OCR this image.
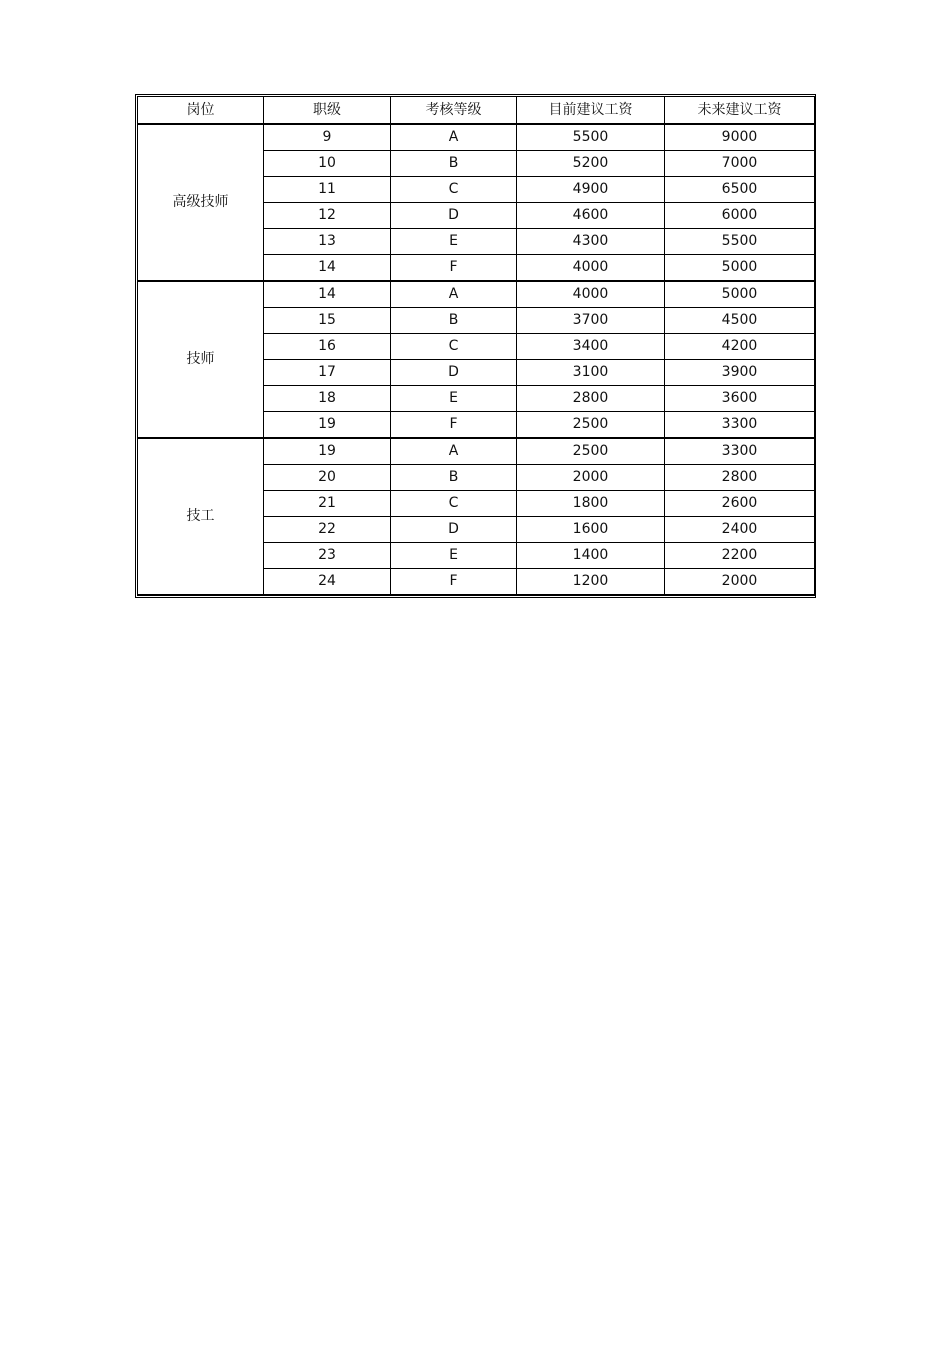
岗位	职级	考核等级	目前建议工资	未来建议工资
高级技师	9	A	5500	9000
	10	B	5200	7000
	11	C	4900	6500
	12	D	4600	6000
	13	E	4300	5500
	14	F	4000	5000
技师	14	A	4000	5000
	15	B	3700	4500
	16	C	3400	4200
	17	D	3100	3900
	18	E	2800	3600
	19	F	2500	3300
技工	19	A	2500	3300
	20	B	2000	2800
	21	C	1800	2600
	22	D	1600	2400
	23	E	1400	2200
	24	F	1200	2000
